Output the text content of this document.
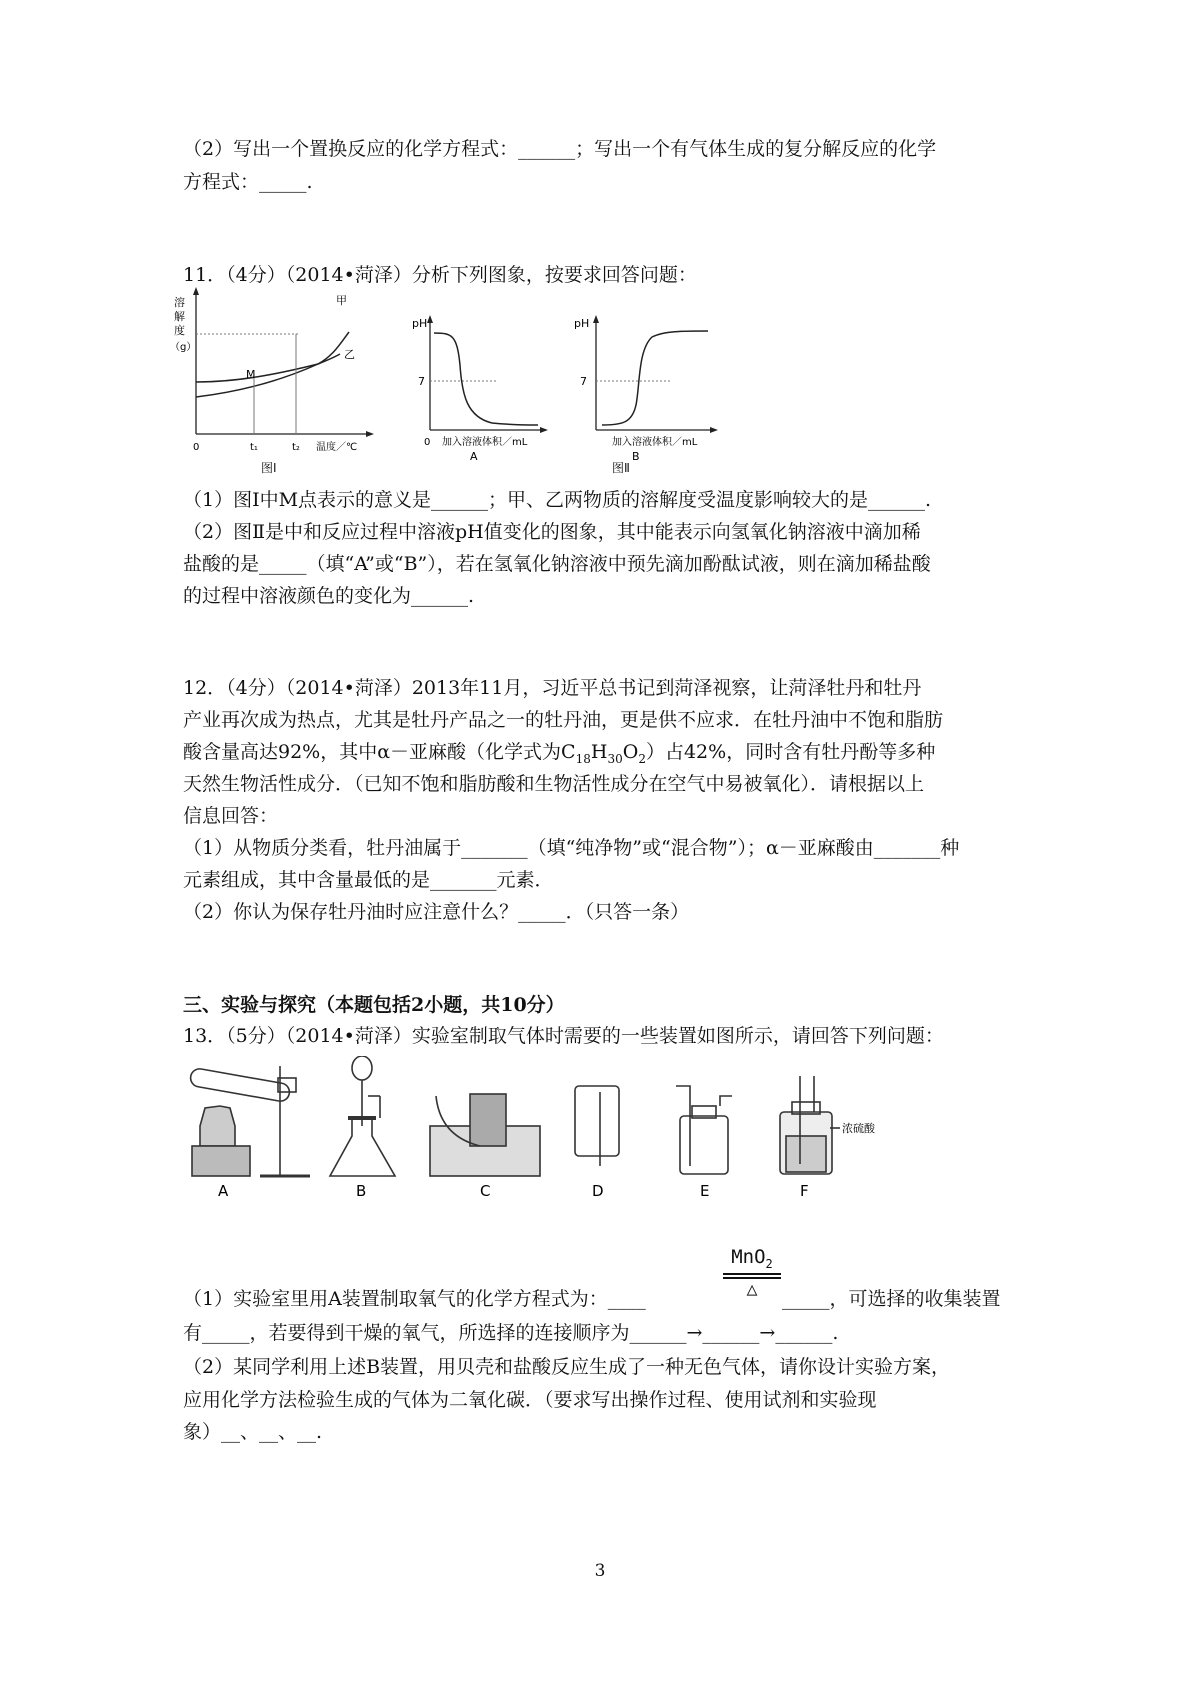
（2）写出一个置换反应的化学方程式：______；写出一个有气体生成的复分解反应的化学
方程式：_____.
11．（4分）（2014•菏泽）分析下列图象，按要求回答问题：
溶
解
度
（g）
甲
乙
M
0	t₁	t₂ 温度／℃
图Ⅰ
pH
7
0 加入溶液体积／mL
A
pH
7
加入溶液体积／mL
B
图Ⅱ
（1）图Ⅰ中M点表示的意义是______；甲、乙两物质的溶解度受温度影响较大的是______.
（2）图Ⅱ是中和反应过程中溶液pH值变化的图象，其中能表示向氢氧化钠溶液中滴加稀
盐酸的是_____（填“A”或“B”），若在氢氧化钠溶液中预先滴加酚酞试液，则在滴加稀盐酸
的过程中溶液颜色的变化为______.
12．（4分）（2014•菏泽）2013年11月，习近平总书记到菏泽视察，让菏泽牡丹和牡丹
产业再次成为热点，尤其是牡丹产品之一的牡丹油，更是供不应求．在牡丹油中不饱和脂肪
酸含量高达92%，其中α－亚麻酸（化学式为$C_{18}H_{30}O_2$）占42%，同时含有牡丹酚等多种
天然生物活性成分．（已知不饱和脂肪酸和生物活性成分在空气中易被氧化）．请根据以上
信息回答：
（1）从物质分类看，牡丹油属于_______（填“纯净物”或“混合物”）；α－亚麻酸由_______种
元素组成，其中含量最低的是_______元素．
（2）你认为保存牡丹油时应注意什么？_____．（只答一条）
三、实验与探究（本题包括2小题，共10分）
13．（5分）（2014•菏泽）实验室制取气体时需要的一些装置如图所示，请回答下列问题：
A	B	C	D	E
浓硫酸
F
MnO$_2$
△
（1）实验室里用A装置制取氧气的化学方程式为：____	_____，可选择的收集装置
有_____，若要得到干燥的氧气，所选择的连接顺序为______→______→______.
（2）某同学利用上述B装置，用贝壳和盐酸反应生成了一种无色气体，请你设计实验方案，
应用化学方法检验生成的气体为二氧化碳．（要求写出操作过程、使用试剂和实验现
象）__、__、__.
3
